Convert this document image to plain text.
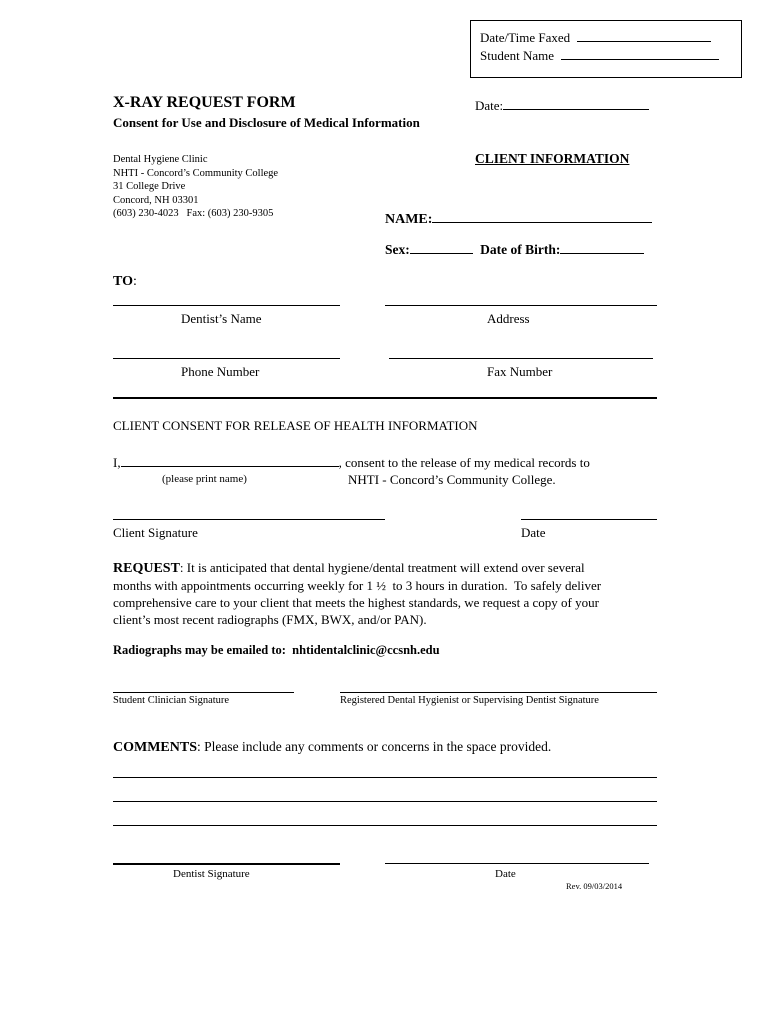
Date/Time Faxed
Student Name
X-RAY REQUEST FORM
Consent for Use and Disclosure of Medical Information
Date:
Dental Hygiene Clinic
NHTI - Concord’s Community College
31 College Drive
Concord, NH 03301
(603) 230-4023   Fax: (603) 230-9305
CLIENT INFORMATION
NAME:
Sex:	Date of Birth:
TO:
Dentist’s Name	Address
Phone Number	Fax Number
CLIENT CONSENT FOR RELEASE OF HEALTH INFORMATION
I,	, consent to the release of my medical records to
(please print name)	NHTI - Concord’s Community College.
Client Signature	Date
REQUEST: It is anticipated that dental hygiene/dental treatment will extend over several
months with appointments occurring weekly for 1 ½  to 3 hours in duration.  To safely deliver
comprehensive care to your client that meets the highest standards, we request a copy of your
client’s most recent radiographs (FMX, BWX, and/or PAN).
Radiographs may be emailed to:  nhtidentalclinic@ccsnh.edu
Student Clinician Signature	Registered Dental Hygienist or Supervising Dentist Signature
COMMENTS: Please include any comments or concerns in the space provided.
Dentist Signature	Date
Rev. 09/03/2014
